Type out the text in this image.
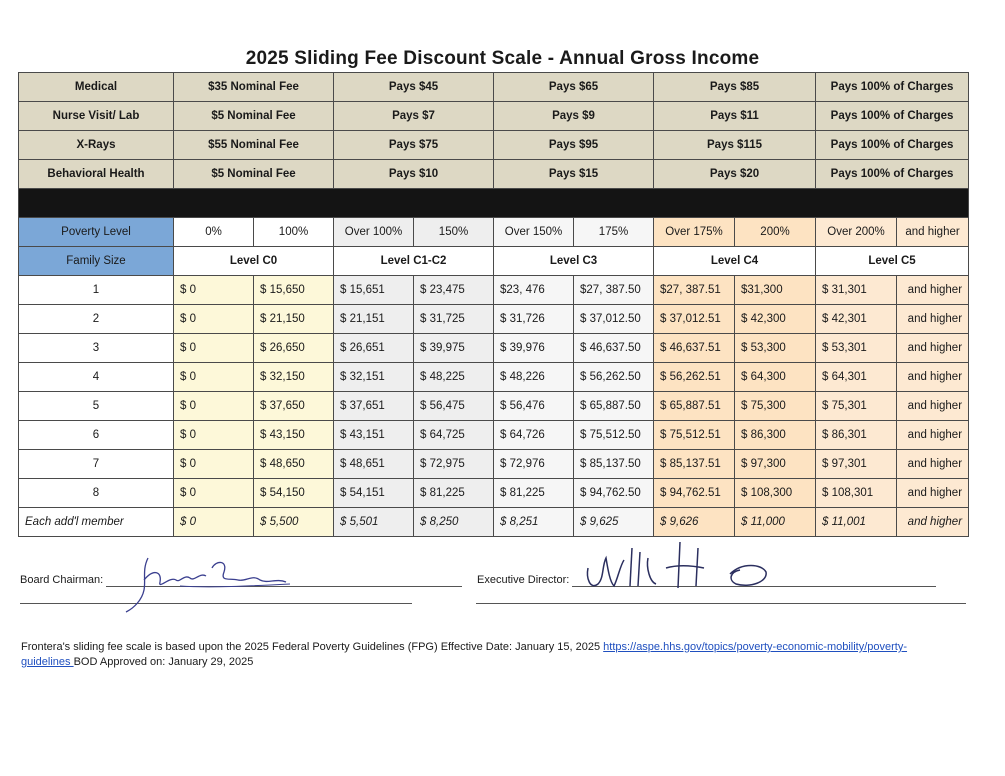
2025 Sliding Fee Discount Scale - Annual Gross Income
Medical	$35 Nominal Fee		Pays $45		Pays $65		Pays $85		Pays 100% of Charges	
Nurse Visit/ Lab	$5 Nominal Fee		Pays $7		Pays $9		Pays $11		Pays 100% of Charges	
X-Rays	$55 Nominal Fee		Pays $75		Pays $95		Pays $115		Pays 100% of Charges	
Behavioral Health	$5 Nominal Fee		Pays $10		Pays $15		Pays $20		Pays 100% of Charges	

Poverty Level	0%	100%	Over 100%	150%	Over 150%	175%	Over 175%	200%	Over 200%	and higher
Family Size	Level C0		Level C1-C2		Level C3		Level C4		Level C5	
1	$ 0	$ 15,650	$ 15,651	$ 23,475	$23, 476	$27, 387.50	$27, 387.51	$31,300	$ 31,301	and higher
2	$ 0	$ 21,150	$ 21,151	$ 31,725	$ 31,726	$ 37,012.50	$ 37,012.51	$ 42,300	$ 42,301	and higher
3	$ 0	$ 26,650	$ 26,651	$ 39,975	$ 39,976	$ 46,637.50	$ 46,637.51	$ 53,300	$ 53,301	and higher
4	$ 0	$ 32,150	$ 32,151	$ 48,225	$ 48,226	$ 56,262.50	$ 56,262.51	$ 64,300	$ 64,301	and higher
5	$ 0	$ 37,650	$ 37,651	$ 56,475	$ 56,476	$ 65,887.50	$ 65,887.51	$ 75,300	$ 75,301	and higher
6	$ 0	$ 43,150	$ 43,151	$ 64,725	$ 64,726	$ 75,512.50	$ 75,512.51	$ 86,300	$ 86,301	and higher
7	$ 0	$ 48,650	$ 48,651	$ 72,975	$ 72,976	$ 85,137.50	$ 85,137.51	$ 97,300	$ 97,301	and higher
8	$ 0	$ 54,150	$ 54,151	$ 81,225	$ 81,225	$ 94,762.50	$ 94,762.51	$ 108,300	$ 108,301	and higher
Each add'l member	$ 0	$ 5,500	$ 5,501	$ 8,250	$ 8,251	$ 9,625	$ 9,626	$ 11,000	$ 11,001	and higher
Board Chairman:	Executive Director:
Frontera's sliding fee scale is based upon the 2025 Federal Poverty Guidelines (FPG) Effective Date: January 15, 2025 https://aspe.hhs.gov/topics/poverty-economic-mobility/poverty-guidelines BOD Approved on: January 29, 2025
